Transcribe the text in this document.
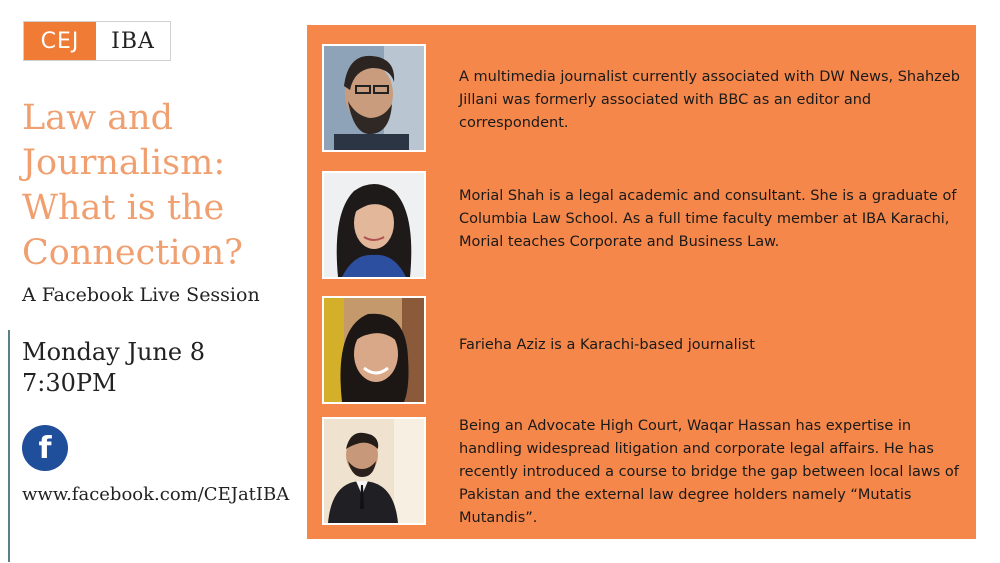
CEJ	IBA
Law and Journalism: What is the Connection?
A Facebook Live Session
Monday June 8
7:30PM
f
www.facebook.com/CEJatIBA

A multimedia journalist currently associated with DW News, Shahzeb Jillani was formerly associated with BBC as an editor and correspondent.

Morial Shah is a legal academic and consultant. She is a graduate of Columbia Law School. As a full time faculty member at IBA Karachi, Morial teaches Corporate and Business Law.

Farieha Aziz is a Karachi-based journalist

Being an Advocate High Court, Waqar Hassan has expertise in handling widespread litigation and corporate legal affairs. He has recently introduced a course to bridge the gap between local laws of Pakistan and the external law degree holders namely “Mutatis Mutandis”.
